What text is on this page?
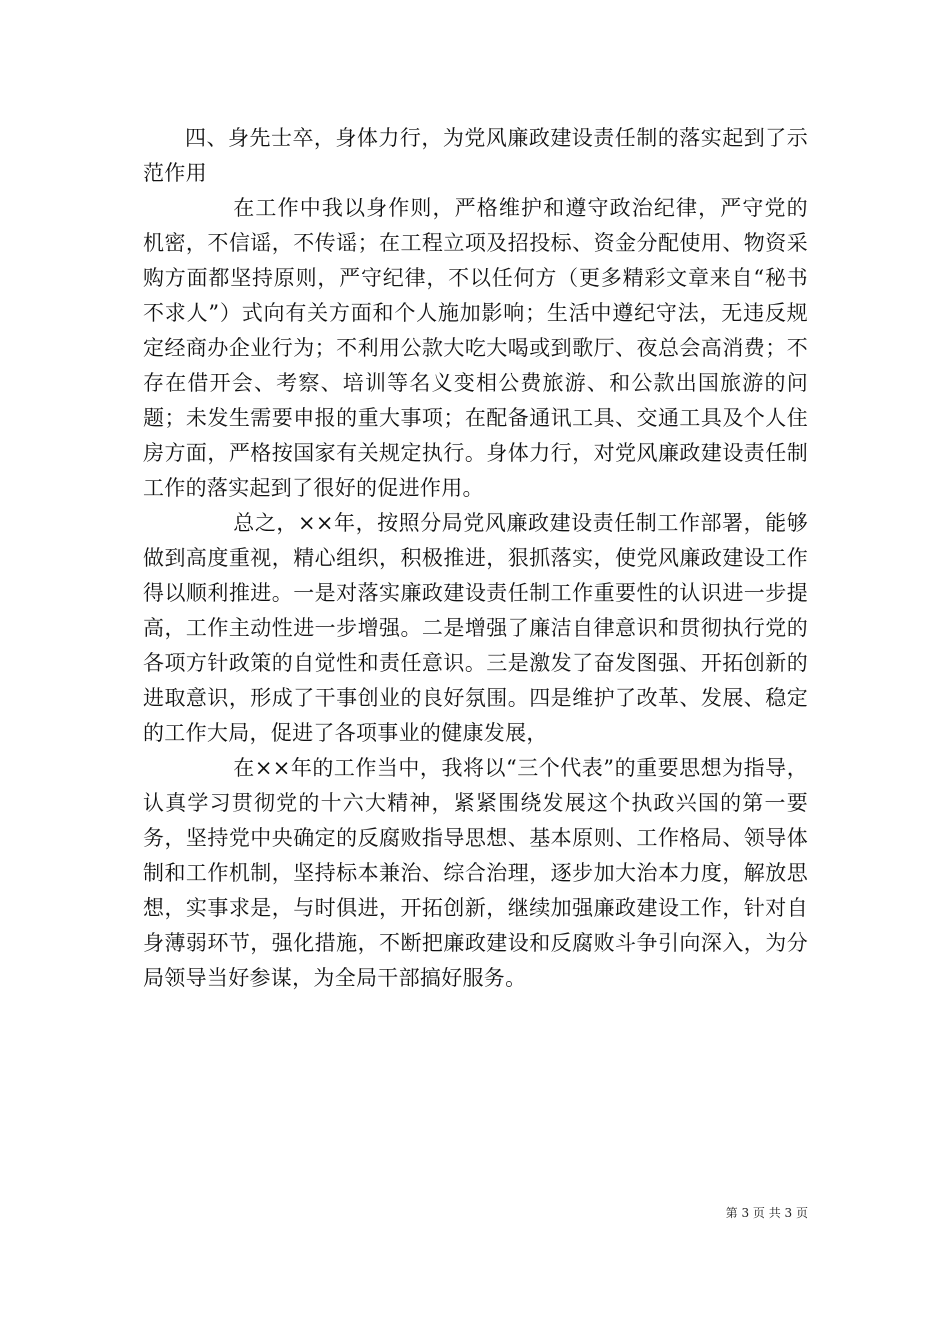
四、身先士卒，身体力行，为党风廉政建设责任制的落实起到了示范作用

在工作中我以身作则，严格维护和遵守政治纪律，严守党的机密，不信谣，不传谣；在工程立项及招投标、资金分配使用、物资采购方面都坚持原则，严守纪律，不以任何方（更多精彩文章来自“秘书不求人”）式向有关方面和个人施加影响；生活中遵纪守法，无违反规定经商办企业行为；不利用公款大吃大喝或到歌厅、夜总会高消费；不存在借开会、考察、培训等名义变相公费旅游、和公款出国旅游的问题；未发生需要申报的重大事项；在配备通讯工具、交通工具及个人住房方面，严格按国家有关规定执行。身体力行，对党风廉政建设责任制工作的落实起到了很好的促进作用。

总之，××年，按照分局党风廉政建设责任制工作部署，能够做到高度重视，精心组织，积极推进，狠抓落实，使党风廉政建设工作得以顺利推进。一是对落实廉政建设责任制工作重要性的认识进一步提高，工作主动性进一步增强。二是增强了廉洁自律意识和贯彻执行党的各项方针政策的自觉性和责任意识。三是激发了奋发图强、开拓创新的进取意识，形成了干事创业的良好氛围。四是维护了改革、发展、稳定的工作大局，促进了各项事业的健康发展，

在××年的工作当中，我将以“三个代表”的重要思想为指导，认真学习贯彻党的十六大精神，紧紧围绕发展这个执政兴国的第一要务，坚持党中央确定的反腐败指导思想、基本原则、工作格局、领导体制和工作机制，坚持标本兼治、综合治理，逐步加大治本力度，解放思想，实事求是，与时俱进，开拓创新，继续加强廉政建设工作，针对自身薄弱环节，强化措施，不断把廉政建设和反腐败斗争引向深入，为分局领导当好参谋，为全局干部搞好服务。

第 3 页 共 3 页
